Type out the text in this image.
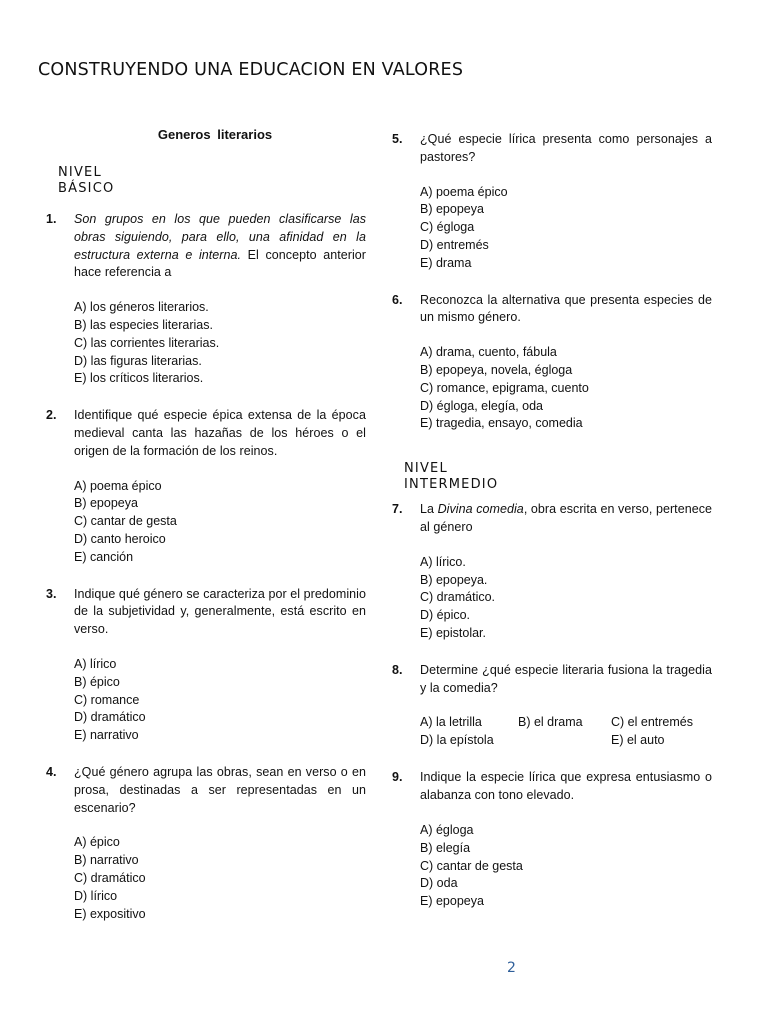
CONSTRUYENDO UNA EDUCACION EN VALORES
Generos literarios
NIVEL BÁSICO
1. Son grupos en los que pueden clasificarse las obras siguiendo, para ello, una afinidad en la estructura externa e interna. El concepto anterior hace referencia a
A) los géneros literarios.
B) las especies literarias.
C) las corrientes literarias.
D) las figuras literarias.
E) los críticos literarios.
2. Identifique qué especie épica extensa de la época medieval canta las hazañas de los héroes o el origen de la formación de los reinos.
A) poema épico
B) epopeya
C) cantar de gesta
D) canto heroico
E) canción
3. Indique qué género se caracteriza por el predominio de la subjetividad y, generalmente, está escrito en verso.
A) lírico
B) épico
C) romance
D) dramático
E) narrativo
4. ¿Qué género agrupa las obras, sean en verso o en prosa, destinadas a ser representadas en un escenario?
A) épico
B) narrativo
C) dramático
D) lírico
E) expositivo
5. ¿Qué especie lírica presenta como personajes a pastores?
A) poema épico
B) epopeya
C) égloga
D) entremés
E) drama
6. Reconozca la alternativa que presenta especies de un mismo género.
A) drama, cuento, fábula
B) epopeya, novela, égloga
C) romance, epigrama, cuento
D) égloga, elegía, oda
E) tragedia, ensayo, comedia
NIVEL INTERMEDIO
7. La Divina comedia, obra escrita en verso, pertenece al género
A) lírico.
B) epopeya.
C) dramático.
D) épico.
E) epistolar.
8. Determine ¿qué especie literaria fusiona la tragedia y la comedia?
A) la letrilla	B) el drama C) el entremés
D) la epístola	E) el auto
9. Indique la especie lírica que expresa entusiasmo o alabanza con tono elevado.
A) égloga
B) elegía
C) cantar de gesta
D) oda
E) epopeya
2
